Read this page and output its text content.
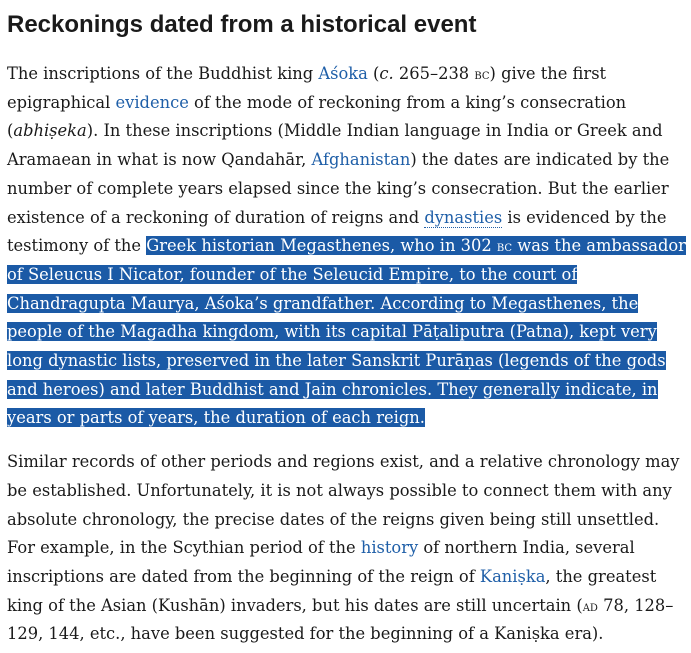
Reckonings dated from a historical event

The inscriptions of the Buddhist king Aśoka (c. 265–238 bc) give the first epigraphical evidence of the mode of reckoning from a king’s consecration (abhiṣeka). In these inscriptions (Middle Indian language in India or Greek and Aramaean in what is now Qandahār, Afghanistan) the dates are indicated by the number of complete years elapsed since the king’s consecration. But the earlier existence of a reckoning of duration of reigns and dynasties is evidenced by the testimony of the Greek historian Megasthenes, who in 302 bc was the ambassador of Seleucus I Nicator, founder of the Seleucid Empire, to the court of Chandragupta Maurya, Aśoka’s grandfather. According to Megasthenes, the people of the Magadha kingdom, with its capital Pāṭaliputra (Patna), kept very long dynastic lists, preserved in the later Sanskrit Purāṇas (legends of the gods and heroes) and later Buddhist and Jain chronicles. They generally indicate, in years or parts of years, the duration of each reign.

Similar records of other periods and regions exist, and a relative chronology may be established. Unfortunately, it is not always possible to connect them with any absolute chronology, the precise dates of the reigns given being still unsettled. For example, in the Scythian period of the history of northern India, several inscriptions are dated from the beginning of the reign of Kaniṣka, the greatest king of the Asian (Kushān) invaders, but his dates are still uncertain (ad 78, 128–129, 144, etc., have been suggested for the beginning of a Kaniṣka era).
